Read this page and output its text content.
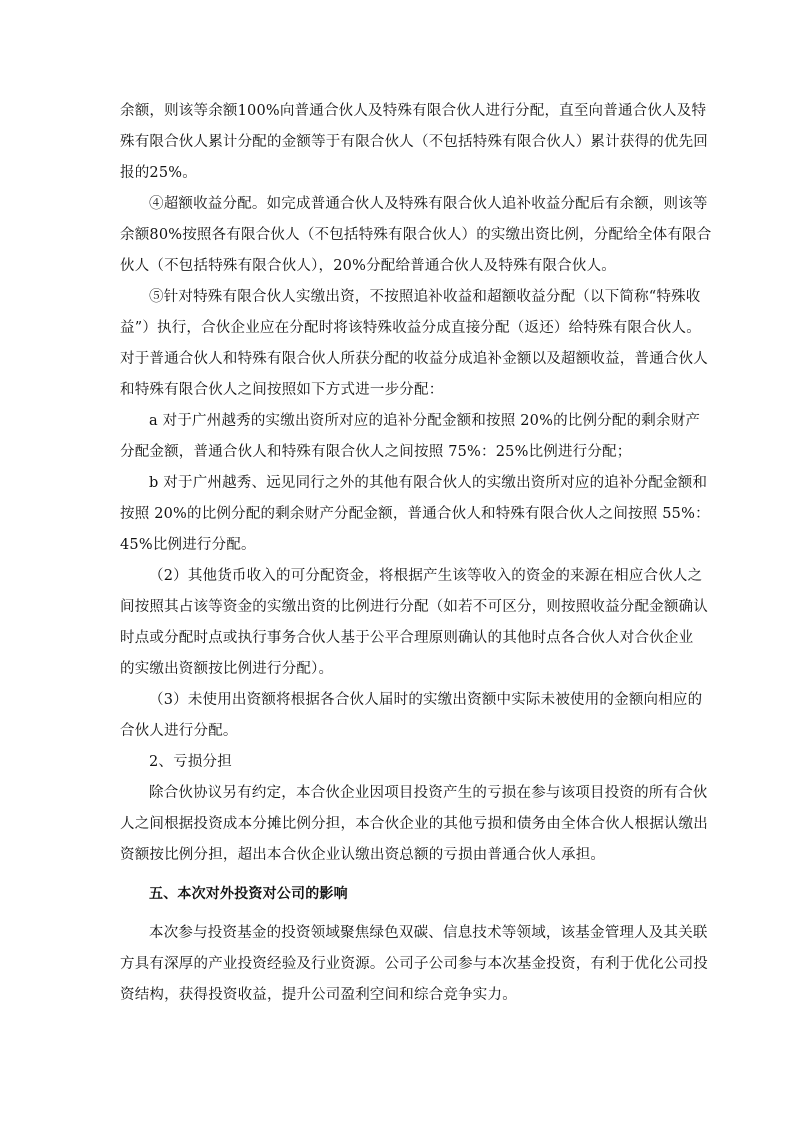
余额，则该等余额100%向普通合伙人及特殊有限合伙人进行分配，直至向普通合伙人及特
殊有限合伙人累计分配的金额等于有限合伙人（不包括特殊有限合伙人）累计获得的优先回
报的25%。
④超额收益分配。如完成普通合伙人及特殊有限合伙人追补收益分配后有余额，则该等
余额80%按照各有限合伙人（不包括特殊有限合伙人）的实缴出资比例，分配给全体有限合
伙人（不包括特殊有限合伙人），20%分配给普通合伙人及特殊有限合伙人。
⑤针对特殊有限合伙人实缴出资，不按照追补收益和超额收益分配（以下简称“特殊收
益”）执行，合伙企业应在分配时将该特殊收益分成直接分配（返还）给特殊有限合伙人。
对于普通合伙人和特殊有限合伙人所获分配的收益分成追补金额以及超额收益，普通合伙人
和特殊有限合伙人之间按照如下方式进一步分配：
a 对于广州越秀的实缴出资所对应的追补分配金额和按照 20%的比例分配的剩余财产
分配金额，普通合伙人和特殊有限合伙人之间按照 75%：25%比例进行分配；
b 对于广州越秀、远见同行之外的其他有限合伙人的实缴出资所对应的追补分配金额和
按照 20%的比例分配的剩余财产分配金额，普通合伙人和特殊有限合伙人之间按照 55%：
45%比例进行分配。
（2）其他货币收入的可分配资金，将根据产生该等收入的资金的来源在相应合伙人之
间按照其占该等资金的实缴出资的比例进行分配（如若不可区分，则按照收益分配金额确认
时点或分配时点或执行事务合伙人基于公平合理原则确认的其他时点各合伙人对合伙企业
的实缴出资额按比例进行分配）。
（3）未使用出资额将根据各合伙人届时的实缴出资额中实际未被使用的金额向相应的
合伙人进行分配。
2、亏损分担
除合伙协议另有约定，本合伙企业因项目投资产生的亏损在参与该项目投资的所有合伙
人之间根据投资成本分摊比例分担，本合伙企业的其他亏损和债务由全体合伙人根据认缴出
资额按比例分担，超出本合伙企业认缴出资总额的亏损由普通合伙人承担。
五、本次对外投资对公司的影响
本次参与投资基金的投资领域聚焦绿色双碳、信息技术等领域，该基金管理人及其关联
方具有深厚的产业投资经验及行业资源。公司子公司参与本次基金投资，有利于优化公司投
资结构，获得投资收益，提升公司盈利空间和综合竞争实力。
